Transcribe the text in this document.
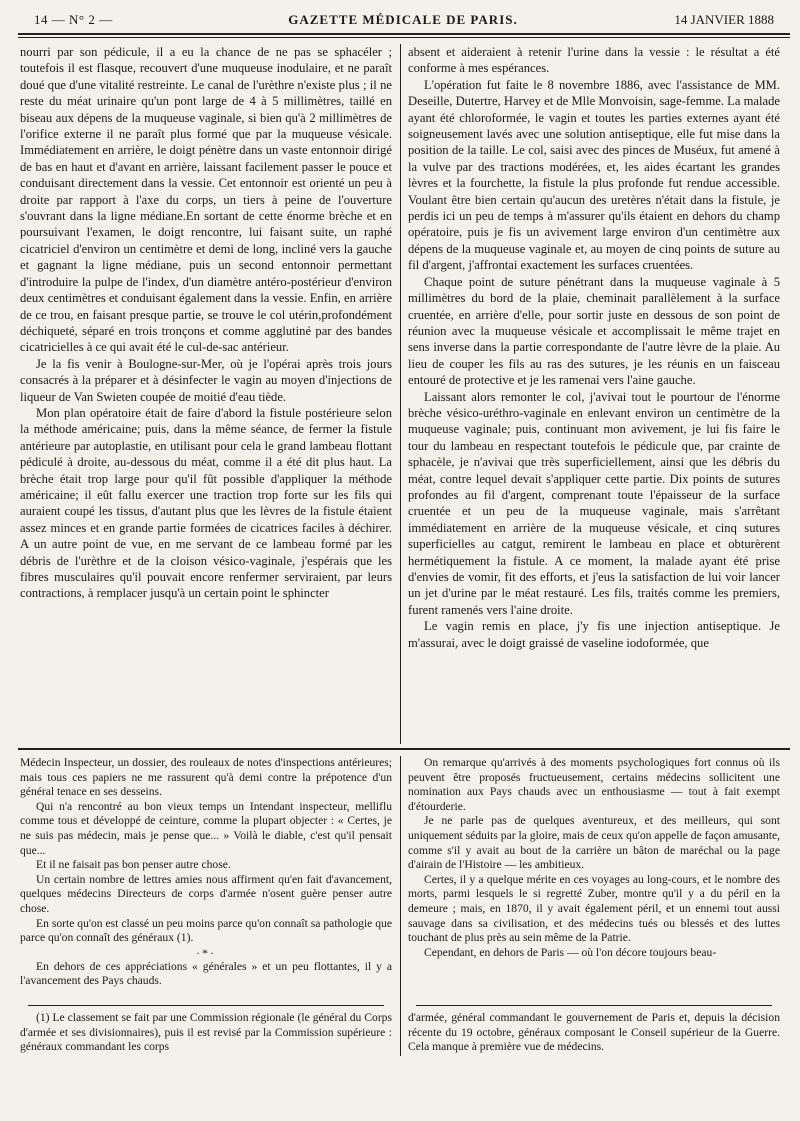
14 — N° 2 —	GAZETTE MÉDICALE DE PARIS.	14 JANVIER 1888

nourri par son pédicule, il a eu la chance de ne pas se sphacéler ; toutefois il est flasque, recouvert d'une muqueuse inodulaire, et ne paraît doué que d'une vitalité restreinte. Le canal de l'urèthre n'existe plus ; il ne reste du méat urinaire qu'un pont large de 4 à 5 millimètres, taillé en biseau aux dépens de la muqueuse vaginale, si bien qu'à 2 millimètres de l'orifice externe il ne paraît plus formé que par la muqueuse vésicale. Immédiatement en arrière, le doigt pénètre dans un vaste entonnoir dirigé de bas en haut et d'avant en arrière, laissant facilement passer le pouce et conduisant directement dans la vessie. Cet entonnoir est orienté un peu à droite par rapport à l'axe du corps, un tiers à peine de l'ouverture s'ouvrant dans la ligne médiane.En sortant de cette énorme brèche et en poursuivant l'examen, le doigt rencontre, lui faisant suite, un raphé cicatriciel d'environ un centimètre et demi de long, incliné vers la gauche et gagnant la ligne médiane, puis un second entonnoir permettant d'introduire la pulpe de l'index, d'un diamètre antéro-postérieur d'environ deux centimètres et conduisant également dans la vessie. Enfin, en arrière de ce trou, en faisant presque partie, se trouve le col utérin,profondément déchiqueté, séparé en trois tronçons et comme agglutiné par des bandes cicatricielles à ce qui avait été le cul-de-sac antérieur.

Je la fis venir à Boulogne-sur-Mer, où je l'opérai après trois jours consacrés à la préparer et à désinfecter le vagin au moyen d'injections de liqueur de Van Swieten coupée de moitié d'eau tiède.

Mon plan opératoire était de faire d'abord la fistule postérieure selon la méthode américaine; puis, dans la même séance, de fermer la fistule antérieure par autoplastie, en utilisant pour cela le grand lambeau flottant pédiculé à droite, au-dessous du méat, comme il a été dit plus haut. La brèche était trop large pour qu'il fût possible d'appliquer la méthode américaine; il eût fallu exercer une traction trop forte sur les fils qui auraient coupé les tissus, d'autant plus que les lèvres de la fistule étaient assez minces et en grande partie formées de cicatrices faciles à déchirer. A un autre point de vue, en me servant de ce lambeau formé par les débris de l'urèthre et de la cloison vésico-vaginale, j'espérais que les fibres musculaires qu'il pouvait encore renfermer serviraient, par leurs contractions, à remplacer jusqu'à un certain point le sphincter

absent et aideraient à retenir l'urine dans la vessie : le résultat a été conforme à mes espérances.

L'opération fut faite le 8 novembre 1886, avec l'assistance de MM. Deseille, Dutertre, Harvey et de Mlle Monvoisin, sage-femme. La malade ayant été chloroformée, le vagin et toutes les parties externes ayant été soigneusement lavés avec une solution antiseptique, elle fut mise dans la position de la taille. Le col, saisi avec des pinces de Muséux, fut amené à la vulve par des tractions modérées, et, les aides écartant les grandes lèvres et la fourchette, la fistule la plus profonde fut rendue accessible. Voulant être bien certain qu'aucun des uretères n'était dans la fistule, je perdis ici un peu de temps à m'assurer qu'ils étaient en dehors du champ opératoire, puis je fis un avivement large environ d'un centimètre aux dépens de la muqueuse vaginale et, au moyen de cinq points de suture au fil d'argent, j'affrontai exactement les surfaces cruentées.

Chaque point de suture pénétrant dans la muqueuse vaginale à 5 millimètres du bord de la plaie, cheminait parallèlement à la surface cruentée, en arrière d'elle, pour sortir juste en dessous de son point de réunion avec la muqueuse vésicale et accomplissait le même trajet en sens inverse dans la partie correspondante de l'autre lèvre de la plaie. Au lieu de couper les fils au ras des sutures, je les réunis en un faisceau entouré de protective et je les ramenai vers l'aine gauche.

Laissant alors remonter le col, j'avivai tout le pourtour de l'énorme brèche vésico-uréthro-vaginale en enlevant environ un centimètre de la muqueuse vaginale; puis, continuant mon avivement, je lui fis faire le tour du lambeau en respectant toutefois le pédicule que, par crainte de sphacèle, je n'avivai que très superficiellement, ainsi que les débris du méat, contre lequel devait s'appliquer cette partie. Dix points de sutures profondes au fil d'argent, comprenant toute l'épaisseur de la surface cruentée et un peu de la muqueuse vaginale, mais s'arrêtant immédiatement en arrière de la muqueuse vésicale, et cinq sutures superficielles au catgut, remirent le lambeau en place et obturèrent hermétiquement la fistule. A ce moment, la malade ayant été prise d'envies de vomir, fit des efforts, et j'eus la satisfaction de lui voir lancer un jet d'urine par le méat restauré. Les fils, traités comme les premiers, furent ramenés vers l'aine droite.

Le vagin remis en place, j'y fis une injection antiseptique. Je m'assurai, avec le doigt graissé de vaseline iodoformée, que

Médecin Inspecteur, un dossier, des rouleaux de notes d'inspections antérieures; mais tous ces papiers ne me rassurent qu'à demi contre la prépotence d'un général tenace en ses desseins.

Qui n'a rencontré au bon vieux temps un Intendant inspecteur, melliflu comme tous et développé de ceinture, comme la plupart objecter : « Certes, je ne suis pas médecin, mais je pense que... » Voilà le diable, c'est qu'il pensait que...

Et il ne faisait pas bon penser autre chose.

Un certain nombre de lettres amies nous affirment qu'en fait d'avancement, quelques médecins Directeurs de corps d'armée n'osent guère penser autre chose.

En sorte qu'on est classé un peu moins parce qu'on connaît sa pathologie que parce qu'on connaît des généraux (1).

·*·

En dehors de ces appréciations « générales » et un peu flottantes, il y a l'avancement des Pays chauds.

(1) Le classement se fait par une Commission régionale (le général du Corps d'armée et ses divisionnaires), puis il est revisé par la Commission supérieure : généraux commandant les corps

On remarque qu'arrivés à des moments psychologiques fort connus où ils peuvent être proposés fructueusement, certains médecins sollicitent une nomination aux Pays chauds avec un enthousiasme — tout à fait exempt d'étourderie.

Je ne parle pas de quelques aventureux, et des meilleurs, qui sont uniquement séduits par la gloire, mais de ceux qu'on appelle de façon amusante, comme s'il y avait au bout de la carrière un bâton de maréchal ou la page d'airain de l'Histoire — les ambitieux.

Certes, il y a quelque mérite en ces voyages au long-cours, et le nombre des morts, parmi lesquels le si regretté Zuber, montre qu'il y a du péril en la demeure ; mais, en 1870, il y avait également péril, et un ennemi tout aussi sauvage dans sa civilisation, et des médecins tués ou blessés et des luttes touchant de plus près au sein même de la Patrie.

Cependant, en dehors de Paris — où l'on décore toujours beau-

d'armée, général commandant le gouvernement de Paris et, depuis la décision récente du 19 octobre, généraux composant le Conseil supérieur de la Guerre. Cela manque à première vue de médecins.
